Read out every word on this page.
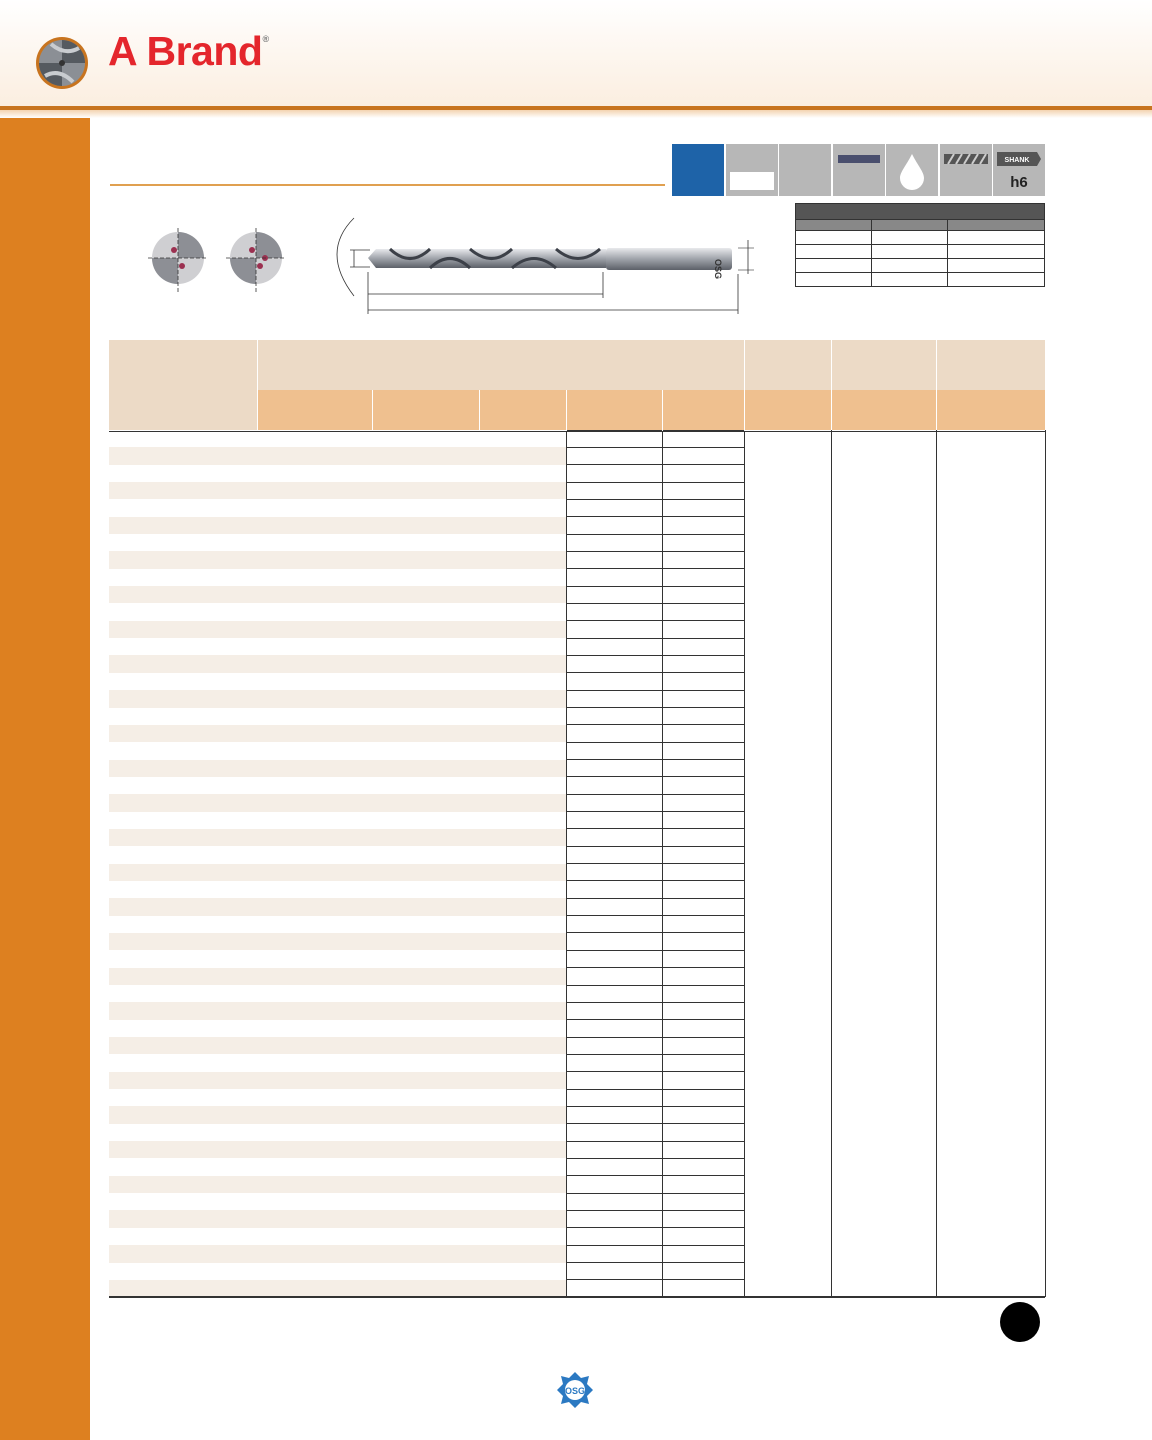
A Brand®
SHANK
h6
OSG

OSG
